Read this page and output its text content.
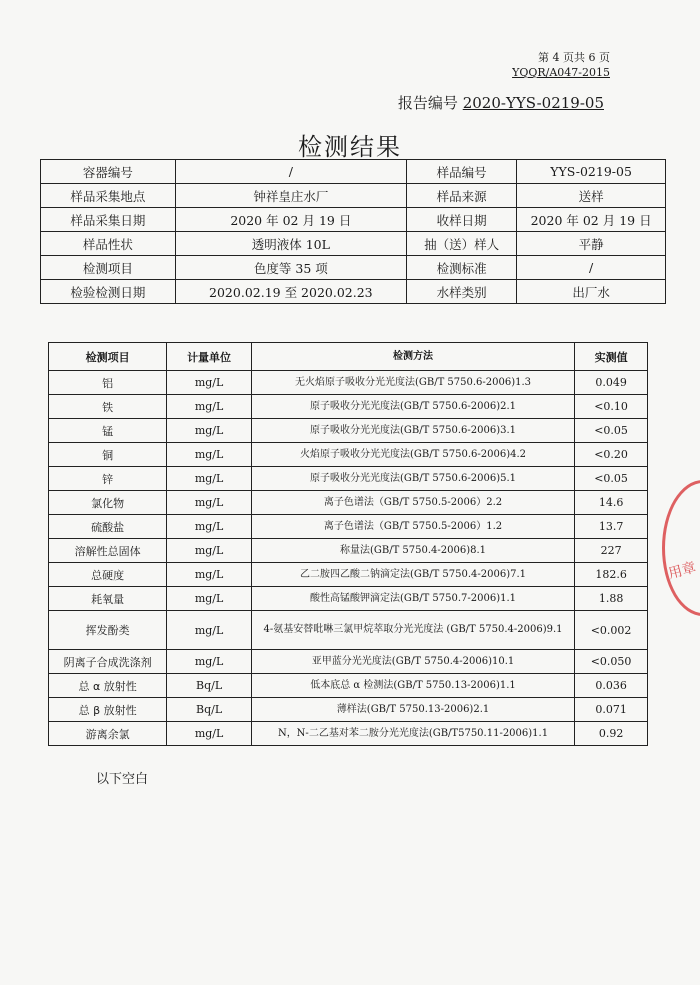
第 4 页共 6 页
YQQR/A047-2015
报告编号 2020-YYS-0219-05
检测结果
容器编号	/	样品编号	YYS-0219-05
样品采集地点	钟祥皇庄水厂	样品来源	送样
样品采集日期	2020 年 02 月 19 日	收样日期	2020 年 02 月 19 日
样品性状	透明液体 10L	抽（送）样人	平静
检测项目	色度等 35 项	检测标准	/
检验检测日期	2020.02.19 至 2020.02.23	水样类别	出厂水
检测项目	计量单位	检测方法	实测值
铝	mg/L	无火焰原子吸收分光光度法(GB/T 5750.6-2006)1.3	0.049
铁	mg/L	原子吸收分光光度法(GB/T 5750.6-2006)2.1	<0.10
锰	mg/L	原子吸收分光光度法(GB/T 5750.6-2006)3.1	<0.05
铜	mg/L	火焰原子吸收分光光度法(GB/T 5750.6-2006)4.2	<0.20
锌	mg/L	原子吸收分光光度法(GB/T 5750.6-2006)5.1	<0.05
氯化物	mg/L	离子色谱法（GB/T 5750.5-2006）2.2	14.6
硫酸盐	mg/L	离子色谱法（GB/T 5750.5-2006）1.2	13.7
溶解性总固体	mg/L	称量法(GB/T 5750.4-2006)8.1	227
总硬度	mg/L	乙二胺四乙酸二钠滴定法(GB/T 5750.4-2006)7.1	182.6
耗氧量	mg/L	酸性高锰酸钾滴定法(GB/T 5750.7-2006)1.1	1.88
挥发酚类	mg/L	4-氨基安替吡啉三氯甲烷萃取分光光度法 (GB/T 5750.4-2006)9.1	<0.002
阴离子合成洗涤剂	mg/L	亚甲蓝分光光度法(GB/T 5750.4-2006)10.1	<0.050
总 α 放射性	Bq/L	低本底总 α 检测法(GB/T 5750.13-2006)1.1	0.036
总 β 放射性	Bq/L	薄样法(GB/T 5750.13-2006)2.1	0.071
游离余氯	mg/L	N，N-二乙基对苯二胺分光光度法(GB/T5750.11-2006)1.1	0.92
以下空白
用章
